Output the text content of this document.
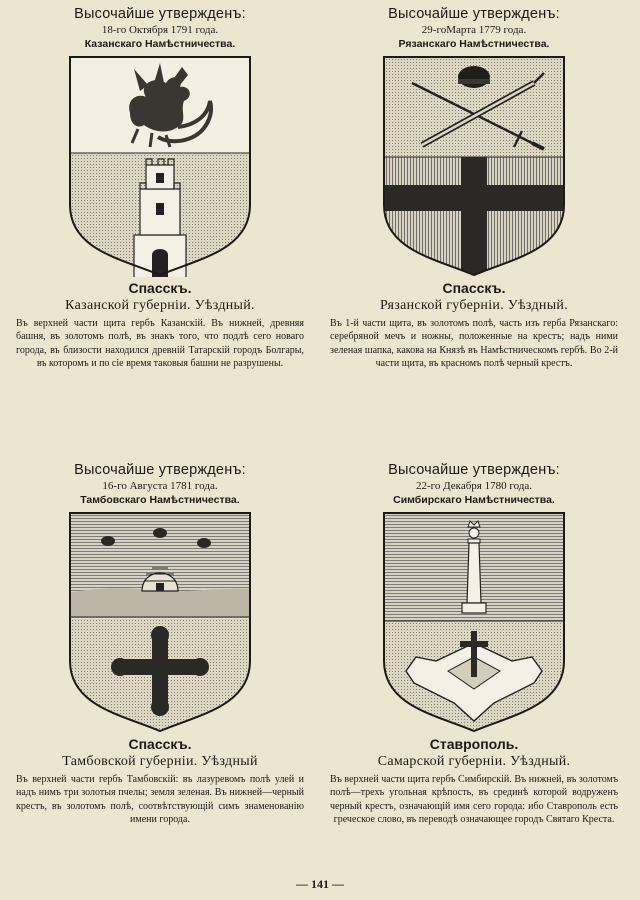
Высочайше утвержденъ:
18-го Октября 1791 года.
Казанскаго Намѣстничества.
Спасскъ.
Казанской губерніи. Уѣздный.
Въ верхней части щита гербъ Казанскій. Въ нижней, древняя башня, въ золотомъ полѣ, въ знакъ того, что подлѣ сего новаго города, въ близости находился древній Татарскій городъ Болгары, въ которомъ и по сіе время таковыя башни не разрушены.
Высочайше утвержденъ:
29-гоМарта 1779 года.
Рязанскаго Намѣстничества.
Спасскъ.
Рязанской губерніи. Уѣздный.
Въ 1-й части щита, въ золотомъ полѣ, часть изъ герба Рязанскаго: серебряной мечъ и ножны, положенные на крестъ; надъ ними зеленая шапка, какова на Князѣ въ Намѣстническомъ гербѣ. Во 2-й части щита, въ красномъ полѣ черный крестъ.
Высочайше утвержденъ:
16-го Августа 1781 года.
Тамбовскаго Намѣстничества.
Спасскъ.
Тамбовской губерніи. Уѣздный
Въ верхней части гербъ Тамбовскій: въ лазуревомъ полѣ улей и надъ нимъ три золотыя пчелы; земля зеленая. Въ нижней—черный крестъ, въ золотомъ полѣ, соотвѣтствующій симъ знаменованію имени города.
Высочайше утвержденъ:
22-го Декабря 1780 года.
Симбирскаго Намѣстничества.
Ставрополь.
Самарской губерніи. Уѣздный.
Въ верхней части щита гербъ Симбирскій. Въ нижней, въ золотомъ полѣ—трехъ угольная крѣпость, въ срединѣ которой водруженъ черный крестъ, означающій имя сего города: ибо Ставрополь есть греческое слово, въ переводѣ означающее городъ Святаго Креста.
— 141 —
